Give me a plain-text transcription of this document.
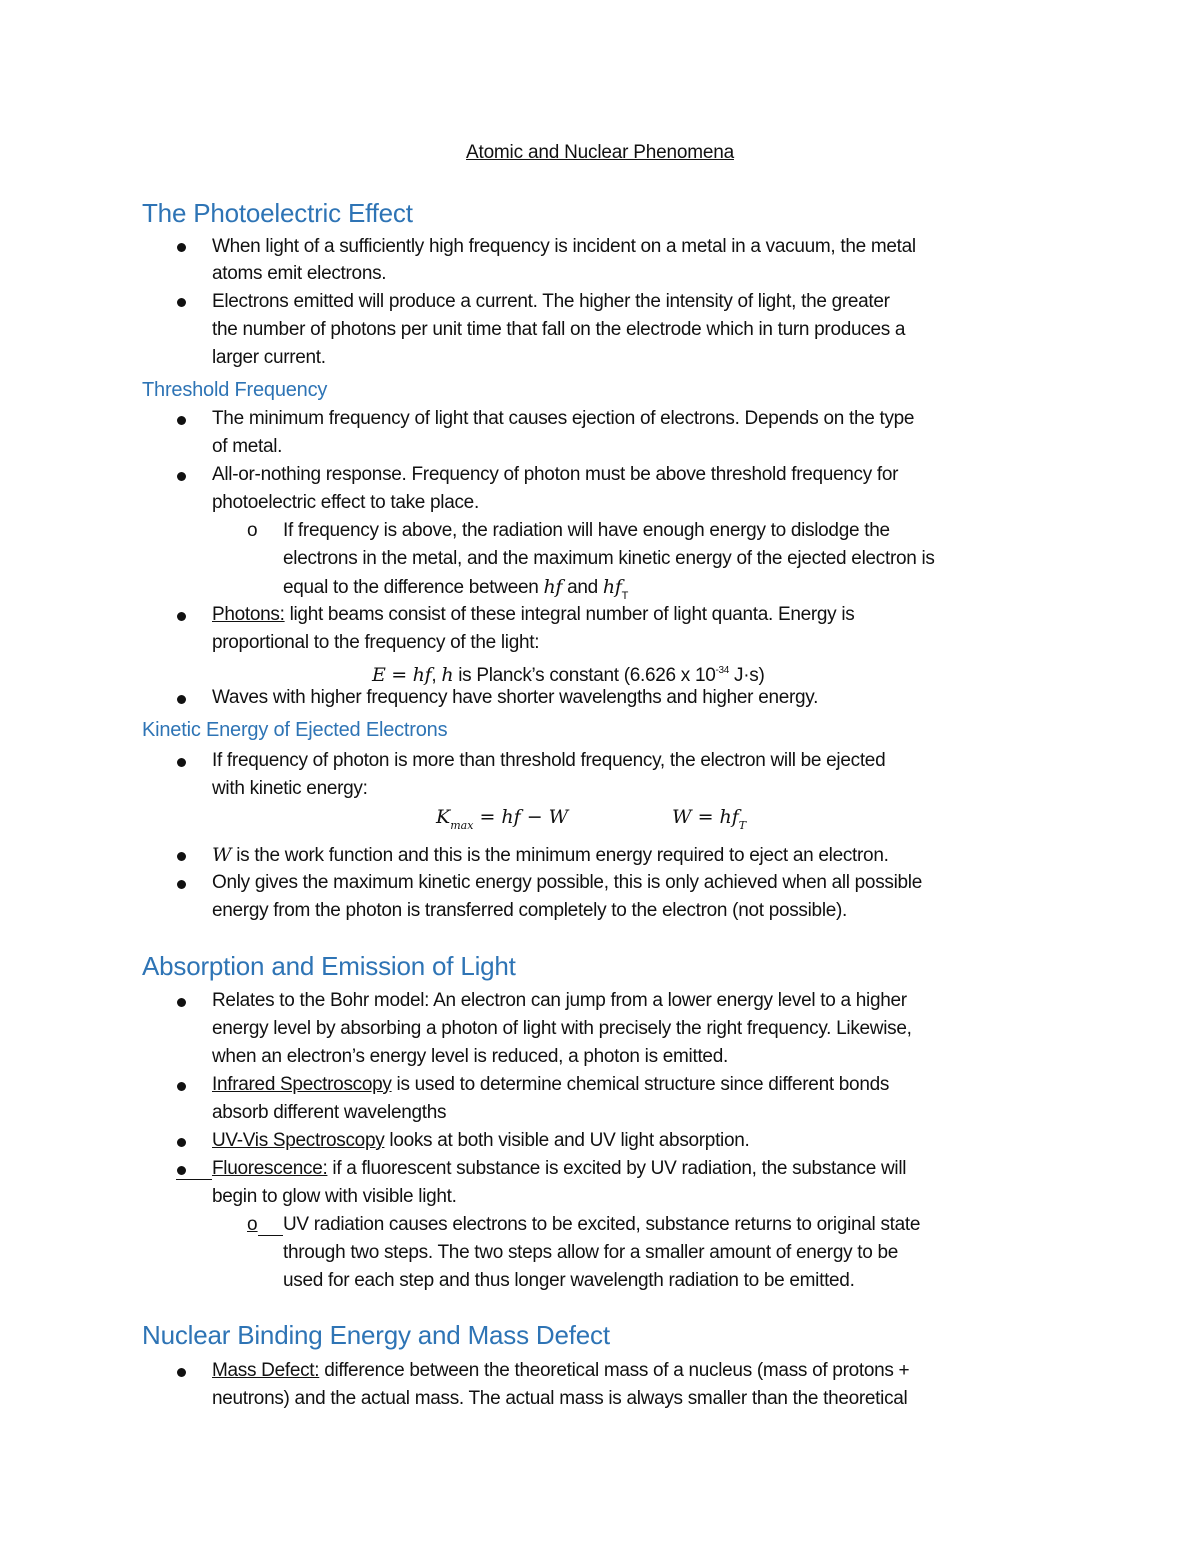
Atomic and Nuclear Phenomena
The Photoelectric Effect
When light of a sufficiently high frequency is incident on a metal in a vacuum, the metal
atoms emit electrons.
Electrons emitted will produce a current. The higher the intensity of light, the greater
the number of photons per unit time that fall on the electrode which in turn produces a
larger current.
Threshold Frequency
The minimum frequency of light that causes ejection of electrons. Depends on the type
of metal.
All-or-nothing response. Frequency of photon must be above threshold frequency for
photoelectric effect to take place.
o If frequency is above, the radiation will have enough energy to dislodge the
electrons in the metal, and the maximum kinetic energy of the ejected electron is
equal to the difference between hf and $hf_T$
Photons: light beams consist of these integral number of light quanta. Energy is
proportional to the frequency of the light:
E = hf, h is Planck’s constant (6.626 x $10^{-34}$ J·s)
Waves with higher frequency have shorter wavelengths and higher energy.
Kinetic Energy of Ejected Electrons
If frequency of photon is more than threshold frequency, the electron will be ejected
with kinetic energy:
$K_{max}$ = hf − W	$W = hf_T$
W is the work function and this is the minimum energy required to eject an electron.
Only gives the maximum kinetic energy possible, this is only achieved when all possible
energy from the photon is transferred completely to the electron (not possible).
Absorption and Emission of Light
Relates to the Bohr model: An electron can jump from a lower energy level to a higher
energy level by absorbing a photon of light with precisely the right frequency. Likewise,
when an electron’s energy level is reduced, a photon is emitted.
Infrared Spectroscopy is used to determine chemical structure since different bonds
absorb different wavelengths
UV-Vis Spectroscopy looks at both visible and UV light absorption.
Fluorescence: if a fluorescent substance is excited by UV radiation, the substance will
begin to glow with visible light.
o UV radiation causes electrons to be excited, substance returns to original state
through two steps. The two steps allow for a smaller amount of energy to be
used for each step and thus longer wavelength radiation to be emitted.
Nuclear Binding Energy and Mass Defect
Mass Defect: difference between the theoretical mass of a nucleus (mass of protons +
neutrons) and the actual mass. The actual mass is always smaller than the theoretical
